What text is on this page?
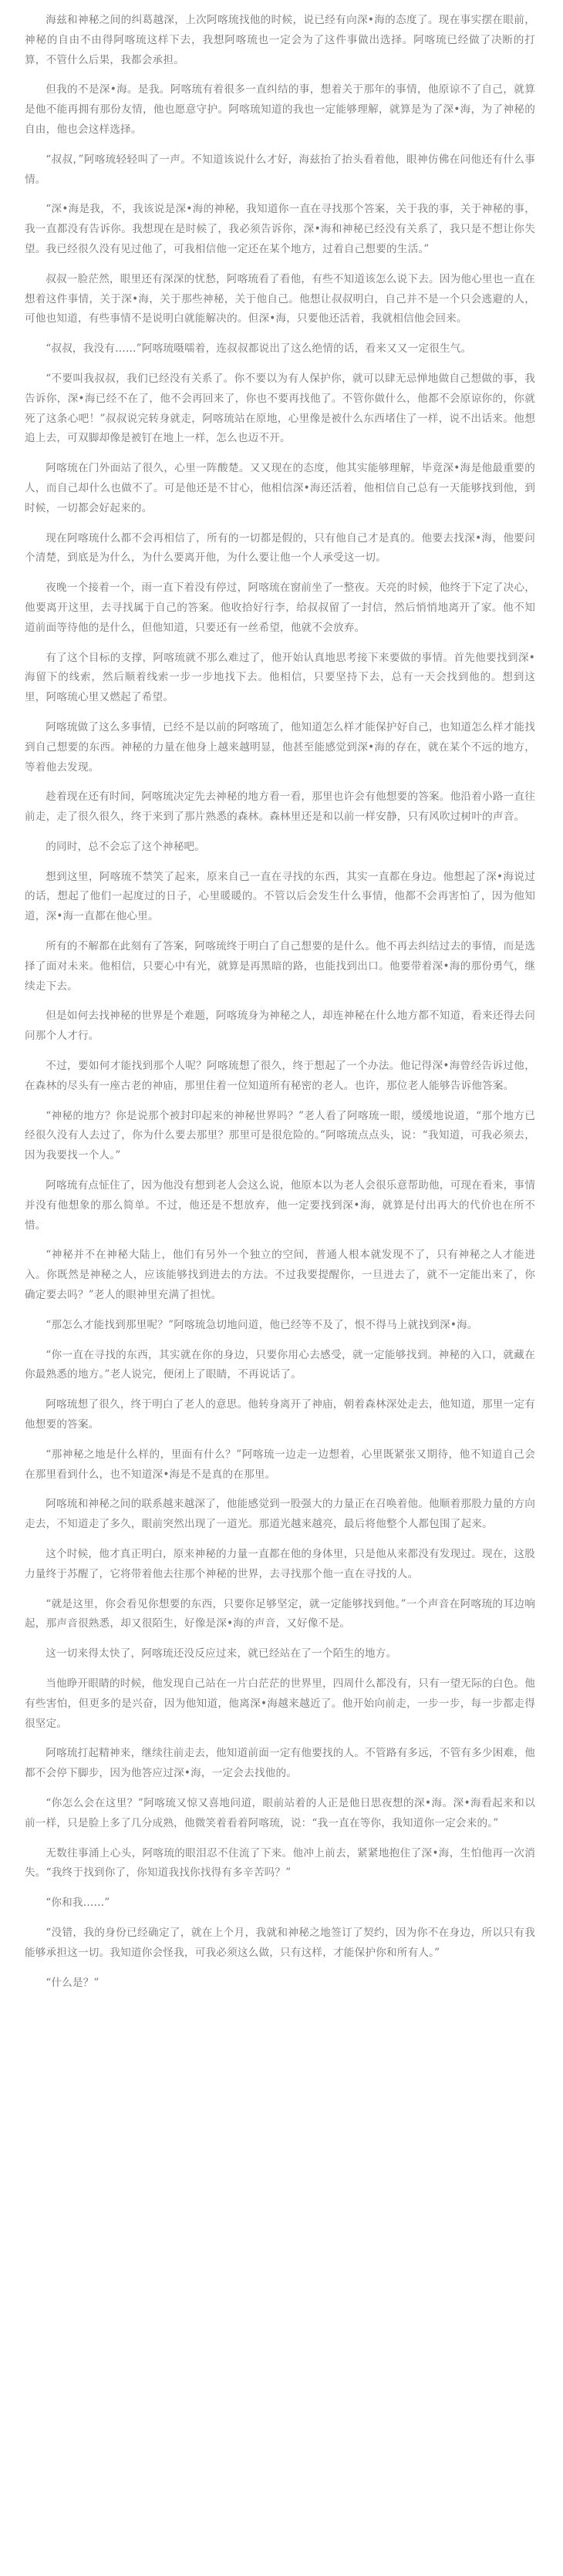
海兹和神秘之间的纠葛越深，上次阿喀琉找他的时候，说已经有向深•海的态度了。现在事实摆在眼前，神秘的自由不由得阿喀琉这样下去，我想阿喀琉也一定会为了这件事做出选择。阿喀琉已经做了决断的打算，不管什么后果，我都会承担。

但我的不是深•海。是我。阿喀琉有着很多一直纠结的事，想着关于那年的事情，他原谅不了自己，就算是他不能再拥有那份友情，他也愿意守护。阿喀琉知道的我也一定能够理解，就算是为了深•海，为了神秘的自由，他也会这样选择。

“叔叔，”阿喀琉轻轻叫了一声。不知道该说什么才好，海兹抬了抬头看着他，眼神仿佛在问他还有什么事情。

“深•海是我，不，我该说是深•海的神秘，我知道你一直在寻找那个答案，关于我的事，关于神秘的事，我一直都没有告诉你。我想现在是时候了，我必须告诉你，深•海和神秘已经没有关系了，我只是不想让你失望。我已经很久没有见过他了，可我相信他一定还在某个地方，过着自己想要的生活。”

叔叔一脸茫然，眼里还有深深的忧愁，阿喀琉看了看他，有些不知道该怎么说下去。因为他心里也一直在想着这件事情，关于深•海，关于那些神秘，关于他自己。他想让叔叔明白，自己并不是一个只会逃避的人，可他也知道，有些事情不是说明白就能解决的。但深•海，只要他还活着，我就相信他会回来。

“叔叔，我没有……”阿喀琉嗫嚅着，连叔叔都说出了这么绝情的话，看来又又一定很生气。

“不要叫我叔叔，我们已经没有关系了。你不要以为有人保护你，就可以肆无忌惮地做自己想做的事，我告诉你，深•海已经不在了，他不会再回来了，你也不要再找他了。不管你做什么，他都不会原谅你的，你就死了这条心吧！”叔叔说完转身就走，阿喀琉站在原地，心里像是被什么东西堵住了一样，说不出话来。他想追上去，可双脚却像是被钉在地上一样，怎么也迈不开。

阿喀琉在门外面站了很久，心里一阵酸楚。又又现在的态度，他其实能够理解，毕竟深•海是他最重要的人，而自己却什么也做不了。可是他还是不甘心，他相信深•海还活着，他相信自己总有一天能够找到他，到时候，一切都会好起来的。

现在阿喀琉什么都不会再相信了，所有的一切都是假的，只有他自己才是真的。他要去找深•海，他要问个清楚，到底是为什么，为什么要离开他，为什么要让他一个人承受这一切。

夜晚一个接着一个，雨一直下着没有停过，阿喀琉在窗前坐了一整夜。天亮的时候，他终于下定了决心，他要离开这里，去寻找属于自己的答案。他收拾好行李，给叔叔留了一封信，然后悄悄地离开了家。他不知道前面等待他的是什么，但他知道，只要还有一丝希望，他就不会放弃。

有了这个目标的支撑，阿喀琉就不那么难过了，他开始认真地思考接下来要做的事情。首先他要找到深•海留下的线索，然后顺着线索一步一步地找下去。他相信，只要坚持下去，总有一天会找到他的。想到这里，阿喀琉心里又燃起了希望。

阿喀琉做了这么多事情，已经不是以前的阿喀琉了，他知道怎么样才能保护好自己，也知道怎么样才能找到自己想要的东西。神秘的力量在他身上越来越明显，他甚至能感觉到深•海的存在，就在某个不远的地方，等着他去发现。

趁着现在还有时间，阿喀琉决定先去神秘的地方看一看，那里也许会有他想要的答案。他沿着小路一直往前走，走了很久很久，终于来到了那片熟悉的森林。森林里还是和以前一样安静，只有风吹过树叶的声音。

的同时，总不会忘了这个神秘吧。

想到这里，阿喀琉不禁笑了起来，原来自己一直在寻找的东西，其实一直都在身边。他想起了深•海说过的话，想起了他们一起度过的日子，心里暖暖的。不管以后会发生什么事情，他都不会再害怕了，因为他知道，深•海一直都在他心里。

所有的不解都在此刻有了答案，阿喀琉终于明白了自己想要的是什么。他不再去纠结过去的事情，而是选择了面对未来。他相信，只要心中有光，就算是再黑暗的路，也能找到出口。他要带着深•海的那份勇气，继续走下去。

但是如何去找神秘的世界是个难题，阿喀琉身为神秘之人，却连神秘在什么地方都不知道，看来还得去问问那个人才行。

不过，要如何才能找到那个人呢？阿喀琉想了很久，终于想起了一个办法。他记得深•海曾经告诉过他，在森林的尽头有一座古老的神庙，那里住着一位知道所有秘密的老人。也许，那位老人能够告诉他答案。

“神秘的地方？你是说那个被封印起来的神秘世界吗？”老人看了阿喀琉一眼，缓缓地说道，“那个地方已经很久没有人去过了，你为什么要去那里？那里可是很危险的。”阿喀琉点点头，说：“我知道，可我必须去，因为我要找一个人。”

阿喀琉有点怔住了，因为他没有想到老人会这么说，他原本以为老人会很乐意帮助他，可现在看来，事情并没有他想象的那么简单。不过，他还是不想放弃，他一定要找到深•海，就算是付出再大的代价也在所不惜。

“神秘并不在神秘大陆上，他们有另外一个独立的空间，普通人根本就发现不了，只有神秘之人才能进入。你既然是神秘之人，应该能够找到进去的方法。不过我要提醒你，一旦进去了，就不一定能出来了，你确定要去吗？”老人的眼神里充满了担忧。

“那怎么才能找到那里呢？”阿喀琉急切地问道，他已经等不及了，恨不得马上就找到深•海。

“你一直在寻找的东西，其实就在你的身边，只要你用心去感受，就一定能够找到。神秘的入口，就藏在你最熟悉的地方。”老人说完，便闭上了眼睛，不再说话了。

阿喀琉想了很久，终于明白了老人的意思。他转身离开了神庙，朝着森林深处走去，他知道，那里一定有他想要的答案。

“那神秘之地是什么样的，里面有什么？”阿喀琉一边走一边想着，心里既紧张又期待，他不知道自己会在那里看到什么，也不知道深•海是不是真的在那里。

阿喀琉和神秘之间的联系越来越深了，他能感觉到一股强大的力量正在召唤着他。他顺着那股力量的方向走去，不知道走了多久，眼前突然出现了一道光。那道光越来越亮，最后将他整个人都包围了起来。

这个时候，他才真正明白，原来神秘的力量一直都在他的身体里，只是他从来都没有发现过。现在，这股力量终于苏醒了，它将带着他去往那个神秘的世界，去寻找那个他一直在寻找的人。

“就是这里，你会看见你想要的东西，只要你足够坚定，就一定能够找到他。”一个声音在阿喀琉的耳边响起，那声音很熟悉，却又很陌生，好像是深•海的声音，又好像不是。

这一切来得太快了，阿喀琉还没反应过来，就已经站在了一个陌生的地方。

当他睁开眼睛的时候，他发现自己站在一片白茫茫的世界里，四周什么都没有，只有一望无际的白色。他有些害怕，但更多的是兴奋，因为他知道，他离深•海越来越近了。他开始向前走，一步一步，每一步都走得很坚定。

阿喀琉打起精神来，继续往前走去，他知道前面一定有他要找的人。不管路有多远，不管有多少困难，他都不会停下脚步，因为他答应过深•海，一定会去找他的。

“你怎么会在这里？”阿喀琉又惊又喜地问道，眼前站着的人正是他日思夜想的深•海。深•海看起来和以前一样，只是脸上多了几分成熟，他微笑着看着阿喀琉，说：“我一直在等你，我知道你一定会来的。”

无数往事涌上心头，阿喀琉的眼泪忍不住流了下来。他冲上前去，紧紧地抱住了深•海，生怕他再一次消失。“我终于找到你了，你知道我找你找得有多辛苦吗？”

“你和我……”

“没错，我的身份已经确定了，就在上个月，我就和神秘之地签订了契约，因为你不在身边，所以只有我能够承担这一切。我知道你会怪我，可我必须这么做，只有这样，才能保护你和所有人。”

“什么是？”
